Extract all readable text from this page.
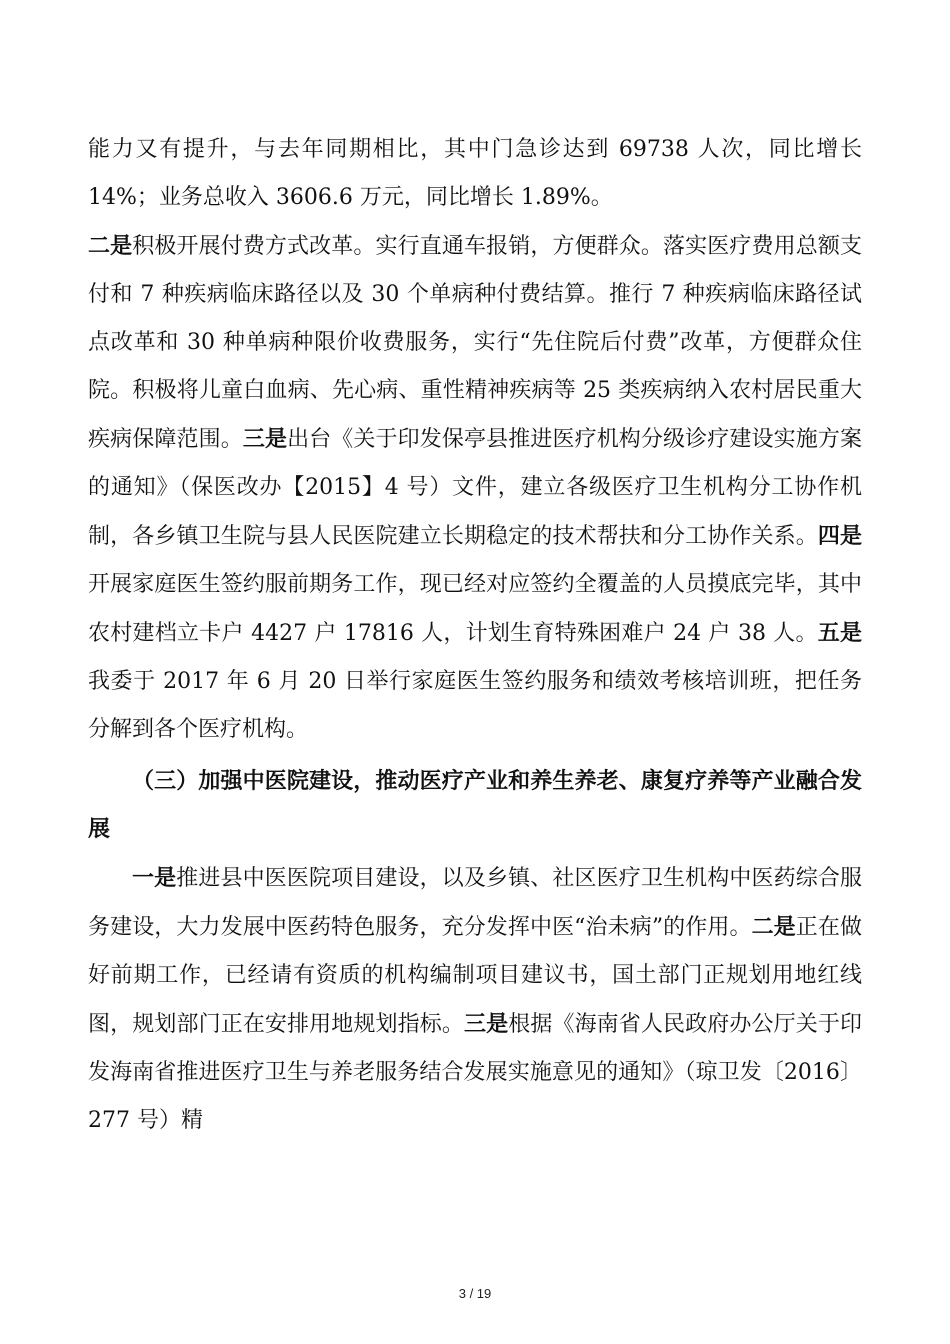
能力又有提升，与去年同期相比，其中门急诊达到 69738 人次，同比增长 14%；业务总收入 3606.6 万元，同比增长 1.89%。

二是积极开展付费方式改革。实行直通车报销，方便群众。落实医疗费用总额支付和 7 种疾病临床路径以及 30 个单病种付费结算。推行 7 种疾病临床路径试点改革和 30 种单病种限价收费服务，实行“先住院后付费”改革，方便群众住院。积极将儿童白血病、先心病、重性精神疾病等 25 类疾病纳入农村居民重大疾病保障范围。三是出台《关于印发保亭县推进医疗机构分级诊疗建设实施方案的通知》（保医改办【2015】4 号）文件，建立各级医疗卫生机构分工协作机制，各乡镇卫生院与县人民医院建立长期稳定的技术帮扶和分工协作关系。四是开展家庭医生签约服前期务工作，现已经对应签约全覆盖的人员摸底完毕，其中农村建档立卡户 4427 户 17816 人，计划生育特殊困难户 24 户 38 人。五是我委于 2017 年 6 月 20 日举行家庭医生签约服务和绩效考核培训班，把任务分解到各个医疗机构。

（三）加强中医院建设，推动医疗产业和养生养老、康复疗养等产业融合发展

一是推进县中医医院项目建设，以及乡镇、社区医疗卫生机构中医药综合服务建设，大力发展中医药特色服务，充分发挥中医“治未病”的作用。二是正在做好前期工作，已经请有资质的机构编制项目建议书，国土部门正规划用地红线图，规划部门正在安排用地规划指标。三是根据《海南省人民政府办公厅关于印发海南省推进医疗卫生与养老服务结合发展实施意见的通知》（琼卫发〔2016〕277 号）精

3 / 19
